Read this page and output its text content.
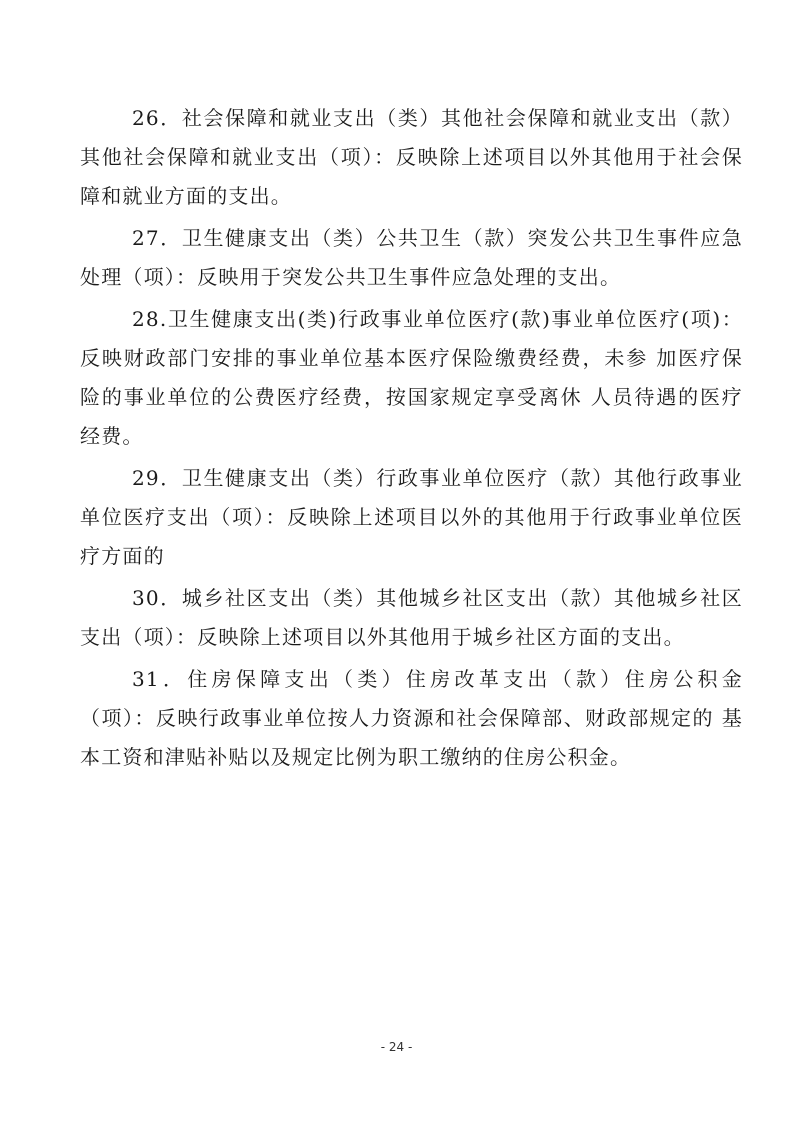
26．社会保障和就业支出（类）其他社会保障和就业支出（款）其他社会保障和就业支出（项）：反映除上述项目以外其他用于社会保障和就业方面的支出。

27．卫生健康支出（类）公共卫生（款）突发公共卫生事件应急处理（项）：反映用于突发公共卫生事件应急处理的支出。

28.卫生健康支出(类)行政事业单位医疗(款)事业单位医疗(项)：反映财政部门安排的事业单位基本医疗保险缴费经费，未参 加医疗保险的事业单位的公费医疗经费，按国家规定享受离休 人员待遇的医疗经费。

29．卫生健康支出（类）行政事业单位医疗（款）其他行政事业单位医疗支出（项）：反映除上述项目以外的其他用于行政事业单位医疗方面的

30．城乡社区支出（类）其他城乡社区支出（款）其他城乡社区支出（项）：反映除上述项目以外其他用于城乡社区方面的支出。

31．住房保障支出（类）住房改革支出（款）住房公积金（项）：反映行政事业单位按人力资源和社会保障部、财政部规定的 基本工资和津贴补贴以及规定比例为职工缴纳的住房公积金。

- 24 -
